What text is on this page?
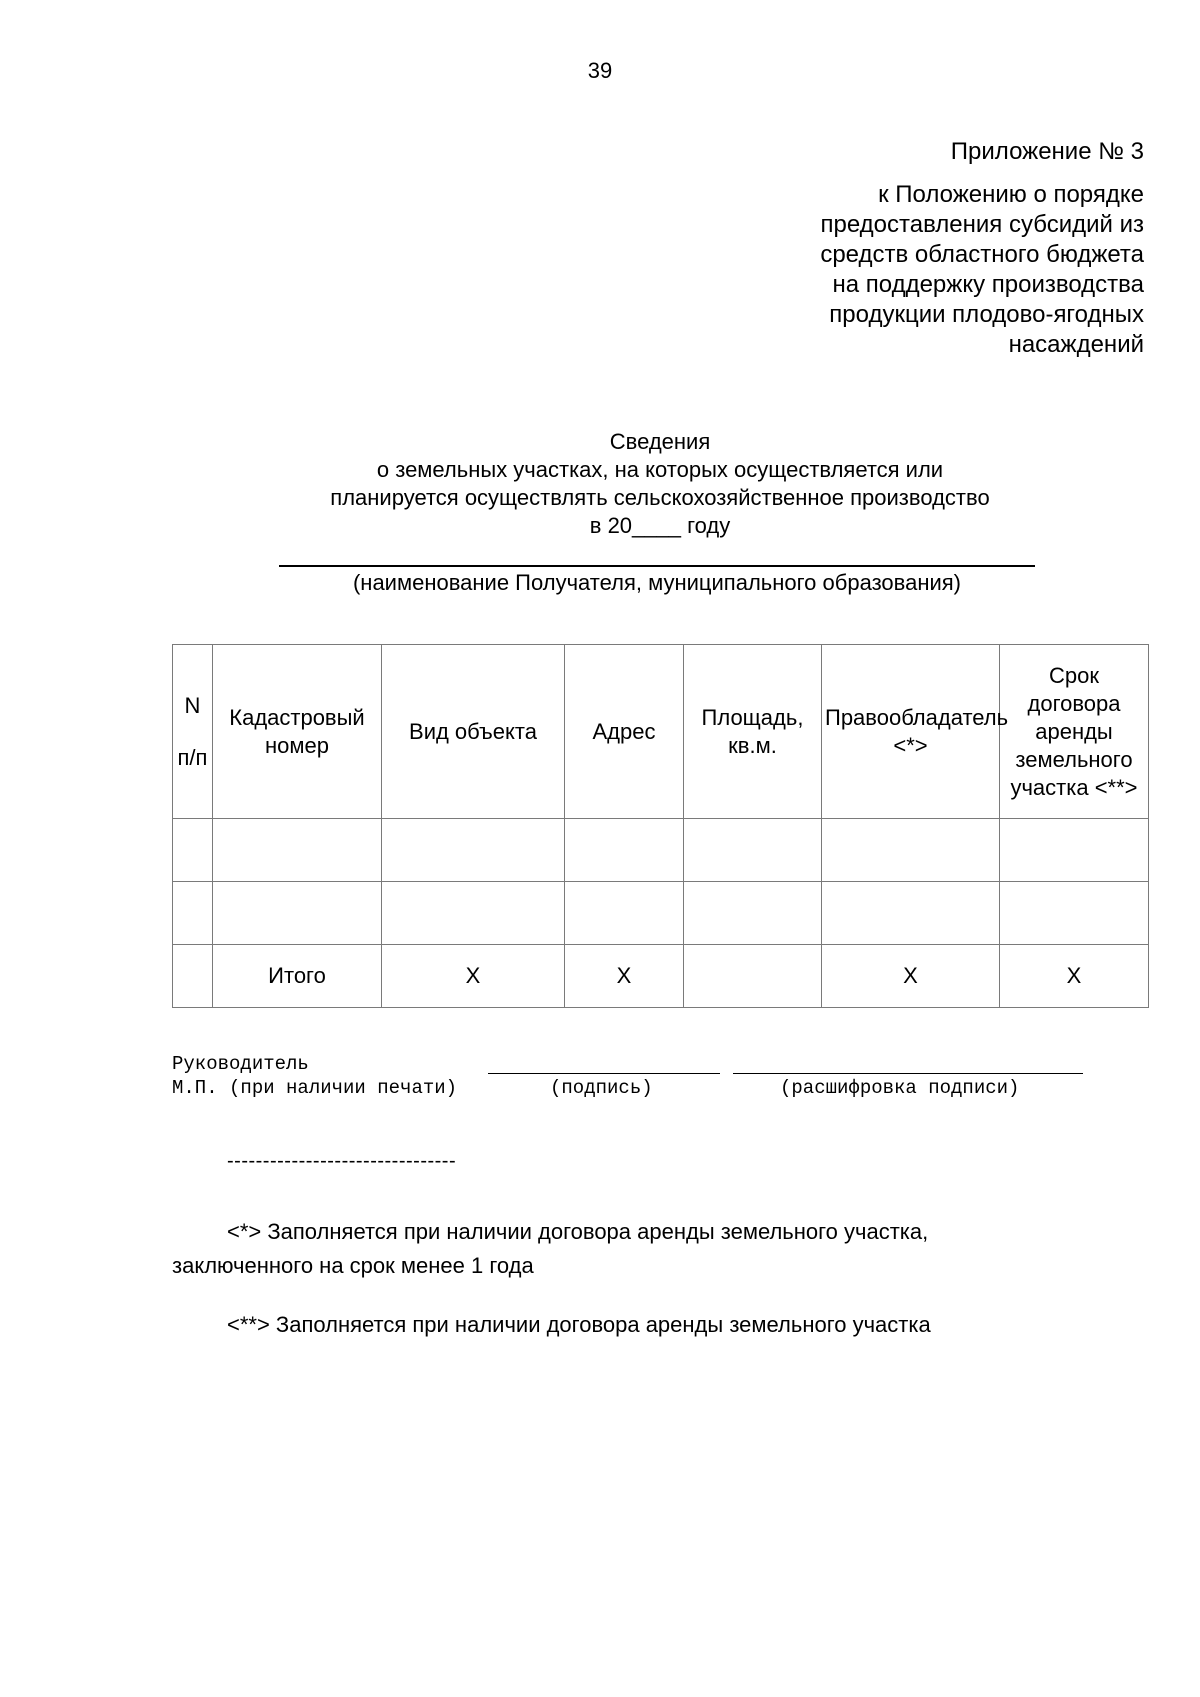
39
Приложение № 3
к Положению о порядке
предоставления субсидий из
средств областного бюджета
на поддержку производства
продукции плодово-ягодных
насаждений
Сведения
о земельных участках, на которых осуществляется или
планируется осуществлять сельскохозяйственное производство
в 20____ году
(наименование Получателя, муниципального образования)
N
п/п	Кадастровый номер	Вид объекта	Адрес	Площадь, кв.м.	Правообладатель <*>	Срок договора аренды земельного участка <**>

	Итого	Х	Х		Х	Х
Руководитель
М.П. (при наличии печати)	(подпись)	(расшифровка подписи)
--------------------------------
<*> Заполняется при наличии договора аренды земельного участка,
заключенного на срок менее 1 года
<**> Заполняется при наличии договора аренды земельного участка
